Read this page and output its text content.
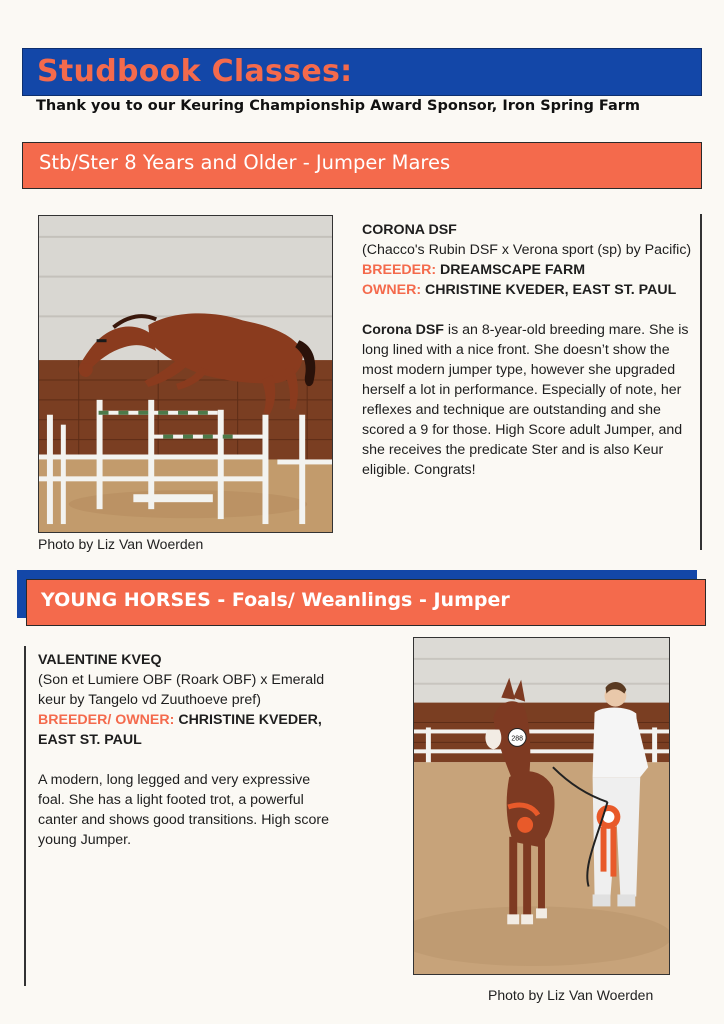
Studbook Classes:
Thank you to our Keuring Championship Award Sponsor, Iron Spring Farm
Stb/Ster 8 Years and Older - Jumper Mares
Photo by Liz Van Woerden
CORONA DSF
(Chacco's Rubin DSF x Verona sport (sp) by Pacific)
BREEDER: DREAMSCAPE FARM
OWNER: CHRISTINE KVEDER, EAST ST. PAUL
Corona DSF is an 8-year-old breeding mare. She is long lined with a nice front. She doesn’t show the most modern jumper type, however she upgraded herself a lot in performance. Especially of note, her reflexes and technique are outstanding and she scored a 9 for those. High Score adult Jumper, and she receives the predicate Ster and is also Keur eligible. Congrats!
YOUNG HORSES - Foals/ Weanlings - Jumper
VALENTINE KVEQ
(Son et Lumiere OBF (Roark OBF) x Emerald keur by Tangelo vd Zuuthoeve pref)
BREEDER/ OWNER: CHRISTINE KVEDER, EAST ST. PAUL
A modern, long legged and very expressive foal. She has a light footed trot, a powerful canter and shows good transitions. High score young Jumper.
288
Photo by Liz Van Woerden
